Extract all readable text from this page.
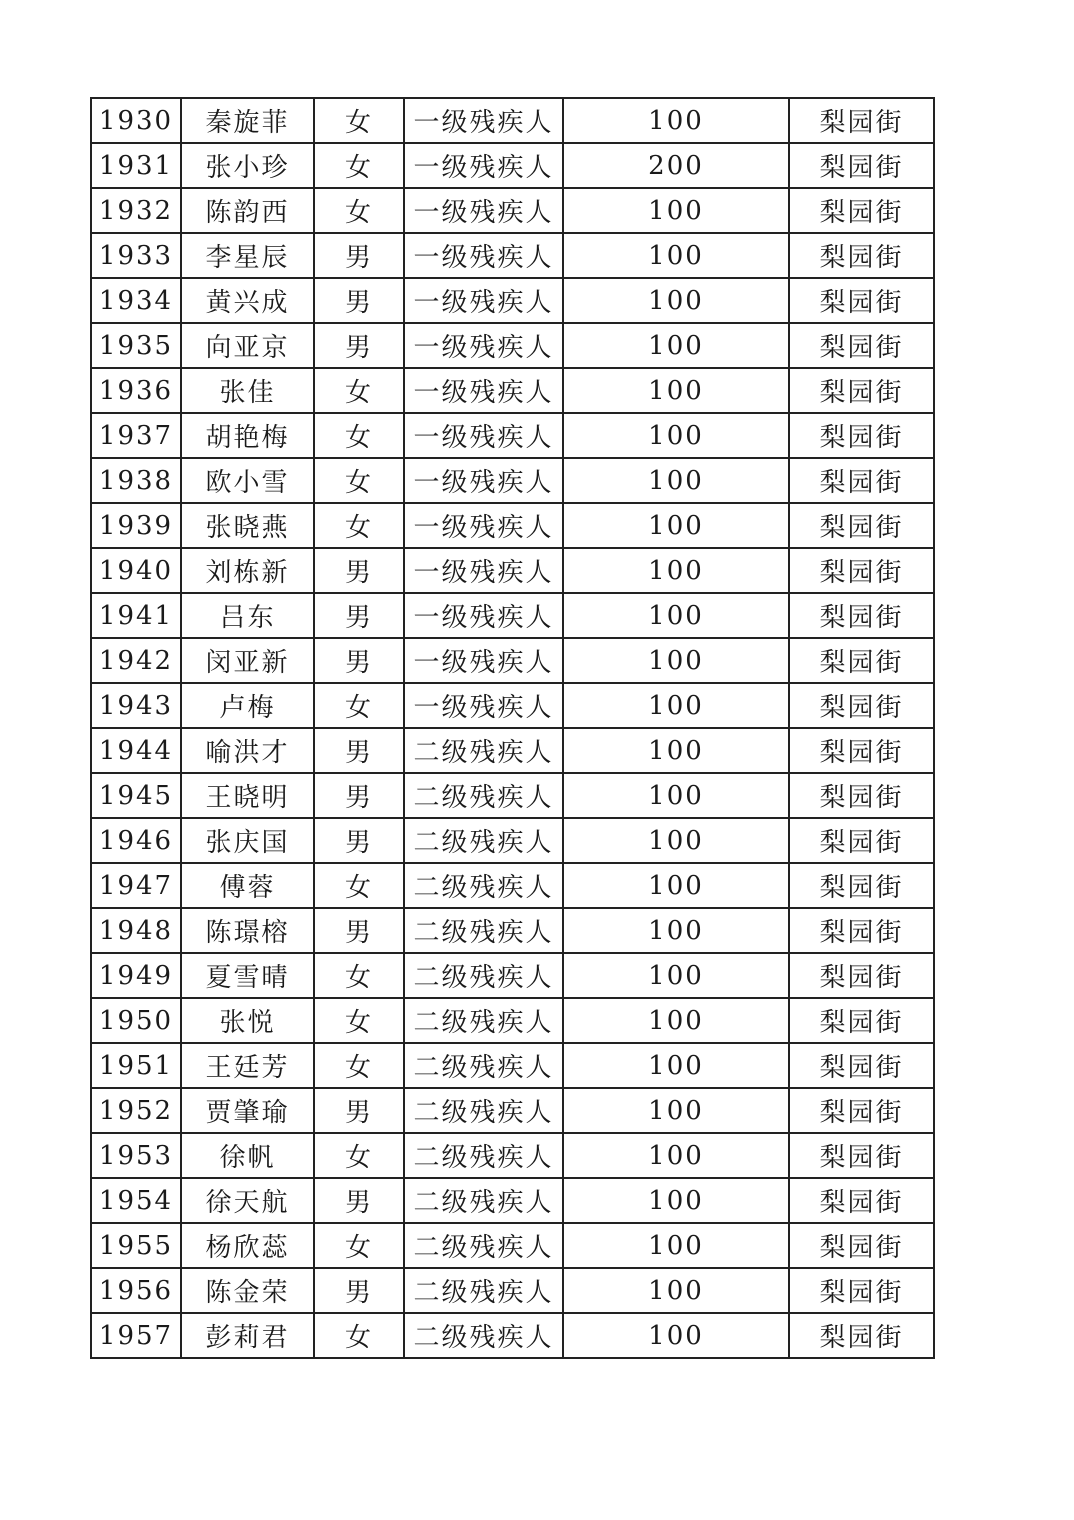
1930	秦旋菲	女	一级残疾人	100	梨园街
1931	张小珍	女	一级残疾人	200	梨园街
1932	陈韵西	女	一级残疾人	100	梨园街
1933	李星辰	男	一级残疾人	100	梨园街
1934	黄兴成	男	一级残疾人	100	梨园街
1935	向亚京	男	一级残疾人	100	梨园街
1936	张佳	女	一级残疾人	100	梨园街
1937	胡艳梅	女	一级残疾人	100	梨园街
1938	欧小雪	女	一级残疾人	100	梨园街
1939	张晓燕	女	一级残疾人	100	梨园街
1940	刘栋新	男	一级残疾人	100	梨园街
1941	吕东	男	一级残疾人	100	梨园街
1942	闵亚新	男	一级残疾人	100	梨园街
1943	卢梅	女	一级残疾人	100	梨园街
1944	喻洪才	男	二级残疾人	100	梨园街
1945	王晓明	男	二级残疾人	100	梨园街
1946	张庆国	男	二级残疾人	100	梨园街
1947	傅蓉	女	二级残疾人	100	梨园街
1948	陈璟榕	男	二级残疾人	100	梨园街
1949	夏雪晴	女	二级残疾人	100	梨园街
1950	张悦	女	二级残疾人	100	梨园街
1951	王廷芳	女	二级残疾人	100	梨园街
1952	贾肇瑜	男	二级残疾人	100	梨园街
1953	徐帆	女	二级残疾人	100	梨园街
1954	徐天航	男	二级残疾人	100	梨园街
1955	杨欣蕊	女	二级残疾人	100	梨园街
1956	陈金荣	男	二级残疾人	100	梨园街
1957	彭莉君	女	二级残疾人	100	梨园街
